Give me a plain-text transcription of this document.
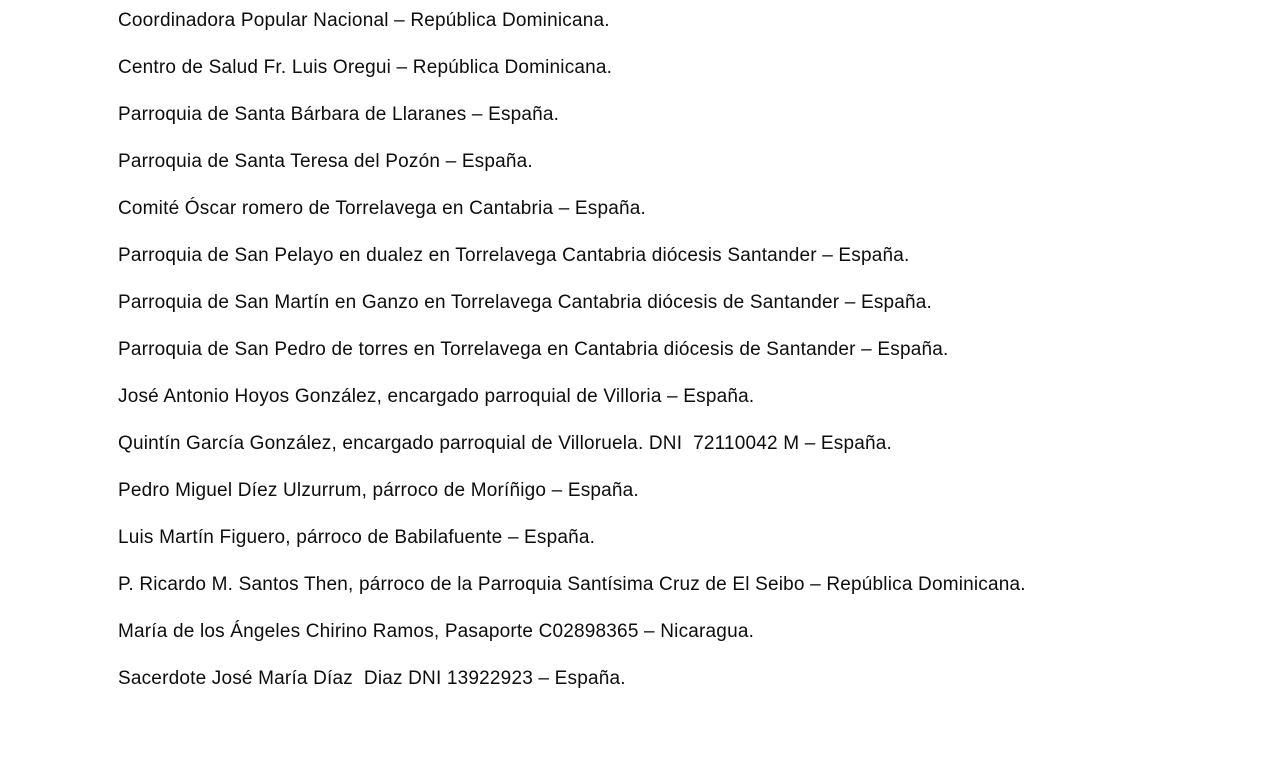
Coordinadora Popular Nacional – República Dominicana.

Centro de Salud Fr. Luis Oregui – República Dominicana.

Parroquia de Santa Bárbara de Llaranes – España.

Parroquia de Santa Teresa del Pozón – España.

Comité Óscar romero de Torrelavega en Cantabria – España.

Parroquia de San Pelayo en dualez en Torrelavega Cantabria diócesis Santander – España.

Parroquia de San Martín en Ganzo en Torrelavega Cantabria diócesis de Santander – España.

Parroquia de San Pedro de torres en Torrelavega en Cantabria diócesis de Santander – España.

José Antonio Hoyos González, encargado parroquial de Villoria – España.

Quintín García González, encargado parroquial de Villoruela. DNI  72110042 M – España.

Pedro Miguel Díez Ulzurrum, párroco de Moríñigo – España.

Luis Martín Figuero, párroco de Babilafuente – España.

P. Ricardo M. Santos Then, párroco de la Parroquia Santísima Cruz de El Seibo – República Dominicana.

María de los Ángeles Chirino Ramos, Pasaporte C02898365 – Nicaragua.

Sacerdote José María Díaz  Diaz DNI 13922923 – España.
